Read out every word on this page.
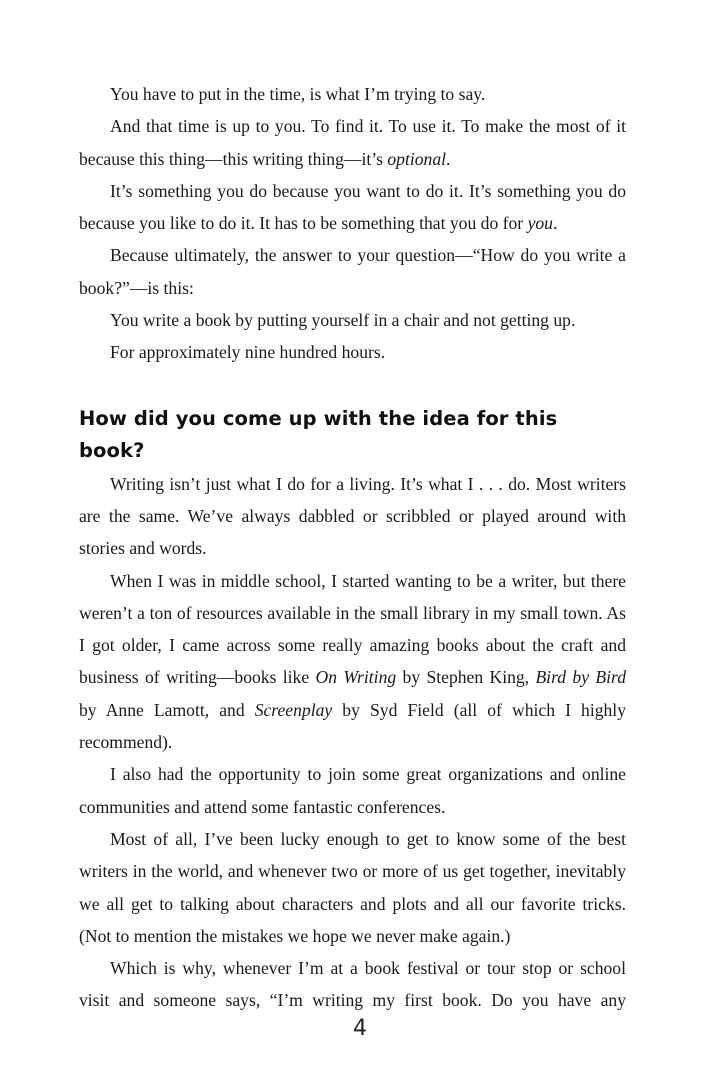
You have to put in the time, is what I’m trying to say.

And that time is up to you. To find it. To use it. To make the most of it because this thing—this writing thing—it’s optional.

It’s something you do because you want to do it. It’s something you do because you like to do it. It has to be something that you do for you.

Because ultimately, the answer to your question—“How do you write a book?”—is this:

You write a book by putting yourself in a chair and not getting up.

For approximately nine hundred hours.

How did you come up with the idea for this book?

Writing isn’t just what I do for a living. It’s what I . . . do. Most writers are the same. We’ve always dabbled or scribbled or played around with stories and words.

When I was in middle school, I started wanting to be a writer, but there weren’t a ton of resources available in the small library in my small town. As I got older, I came across some really amazing books about the craft and business of writing—books like On Writing by Stephen King, Bird by Bird by Anne Lamott, and Screenplay by Syd Field (all of which I highly recommend).

I also had the opportunity to join some great organizations and online communities and attend some fantastic conferences.

Most of all, I’ve been lucky enough to get to know some of the best writers in the world, and whenever two or more of us get together, inevitably we all get to talking about characters and plots and all our favorite tricks. (Not to mention the mistakes we hope we never make again.)

Which is why, whenever I’m at a book festival or tour stop or school visit and someone says, “I’m writing my first book. Do you have any

4
